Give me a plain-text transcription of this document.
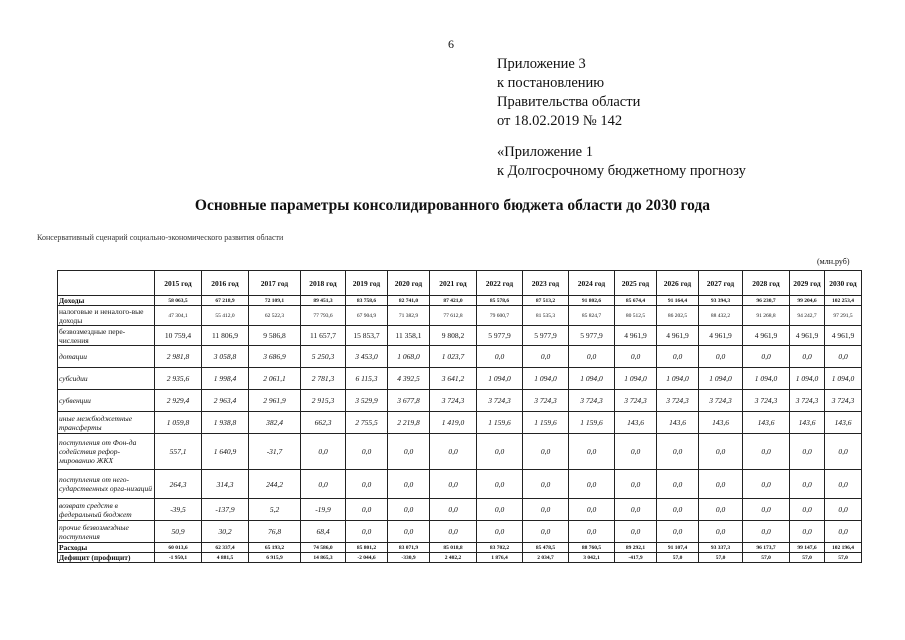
6
Приложение 3
к постановлению
Правительства области
от 18.02.2019 № 142
«Приложение 1
к Долгосрочному бюджетному прогнозу
Основные параметры консолидированного бюджета области до 2030 года
Консервативный сценарий социально-экономического развития области
(млн.руб)
	2015 год	2016 год	2017 год	2018 год	2019 год	2020 год	2021 год	2022 год	2023 год	2024 год	2025 год	2026 год	2027 год	2028 год	2029 год	2030 год
Доходы	58 063,5	67 218,9	72 109,1	89 451,3	83 758,6	82 741,0	87 421,0	85 578,6	87 513,2	91 802,6	85 674,4	91 164,4	93 394,3	96 230,7	99 204,6	102 253,4
налоговые и неналого-вые доходы	47 304,1	55 412,0	62 522,3	77 793,6	67 904,9	71 382,9	77 612,8	79 600,7	81 535,3	85 824,7	80 512,5	86 202,5	88 432,2	91 268,8	94 242,7	97 291,5
безвозмездные пере-числения	10 759,4	11 806,9	9 586,8	11 657,7	15 853,7	11 358,1	9 808,2	5 977,9	5 977,9	5 977,9	4 961,9	4 961,9	4 961,9	4 961,9	4 961,9	4 961,9
дотации	2 981,8	3 058,8	3 686,9	5 250,3	3 453,0	1 068,0	1 023,7	0,0	0,0	0,0	0,0	0,0	0,0	0,0	0,0	0,0
субсидии	2 935,6	1 998,4	2 061,1	2 781,3	6 115,3	4 392,5	3 641,2	1 094,0	1 094,0	1 094,0	1 094,0	1 094,0	1 094,0	1 094,0	1 094,0	1 094,0
субвенции	2 929,4	2 963,4	2 961,9	2 915,3	3 529,9	3 677,8	3 724,3	3 724,3	3 724,3	3 724,3	3 724,3	3 724,3	3 724,3	3 724,3	3 724,3	3 724,3
иные межбюджетные трансферты	1 059,8	1 938,8	382,4	662,3	2 755,5	2 219,8	1 419,0	1 159,6	1 159,6	1 159,6	143,6	143,6	143,6	143,6	143,6	143,6
поступления от Фон-да содействия рефор-мированию ЖКХ	557,1	1 640,9	-31,7	0,0	0,0	0,0	0,0	0,0	0,0	0,0	0,0	0,0	0,0	0,0	0,0	0,0
поступления от него-сударственных орга-низаций	264,3	314,3	244,2	0,0	0,0	0,0	0,0	0,0	0,0	0,0	0,0	0,0	0,0	0,0	0,0	0,0
возврат средств в федеральный бюджет	-39,5	-137,9	5,2	-19,9	0,0	0,0	0,0	0,0	0,0	0,0	0,0	0,0	0,0	0,0	0,0	0,0
прочие безвозмездные поступления	50,9	30,2	76,8	68,4	0,0	0,0	0,0	0,0	0,0	0,0	0,0	0,0	0,0	0,0	0,0	0,0
Расходы	60 013,6	62 337,4	65 193,2	74 586,0	85 801,2	83 071,9	85 018,8	83 702,2	85 478,5	88 760,5	89 292,1	91 107,4	93 337,3	96 173,7	99 147,6	102 196,4
Дефицит (профицит)	-1 950,1	4 881,5	6 915,9	14 865,3	-2 044,6	-330,9	2 402,2	1 876,4	2 034,7	3 042,1	-417,9	57,0	57,0	57,0	57,0	57,0
